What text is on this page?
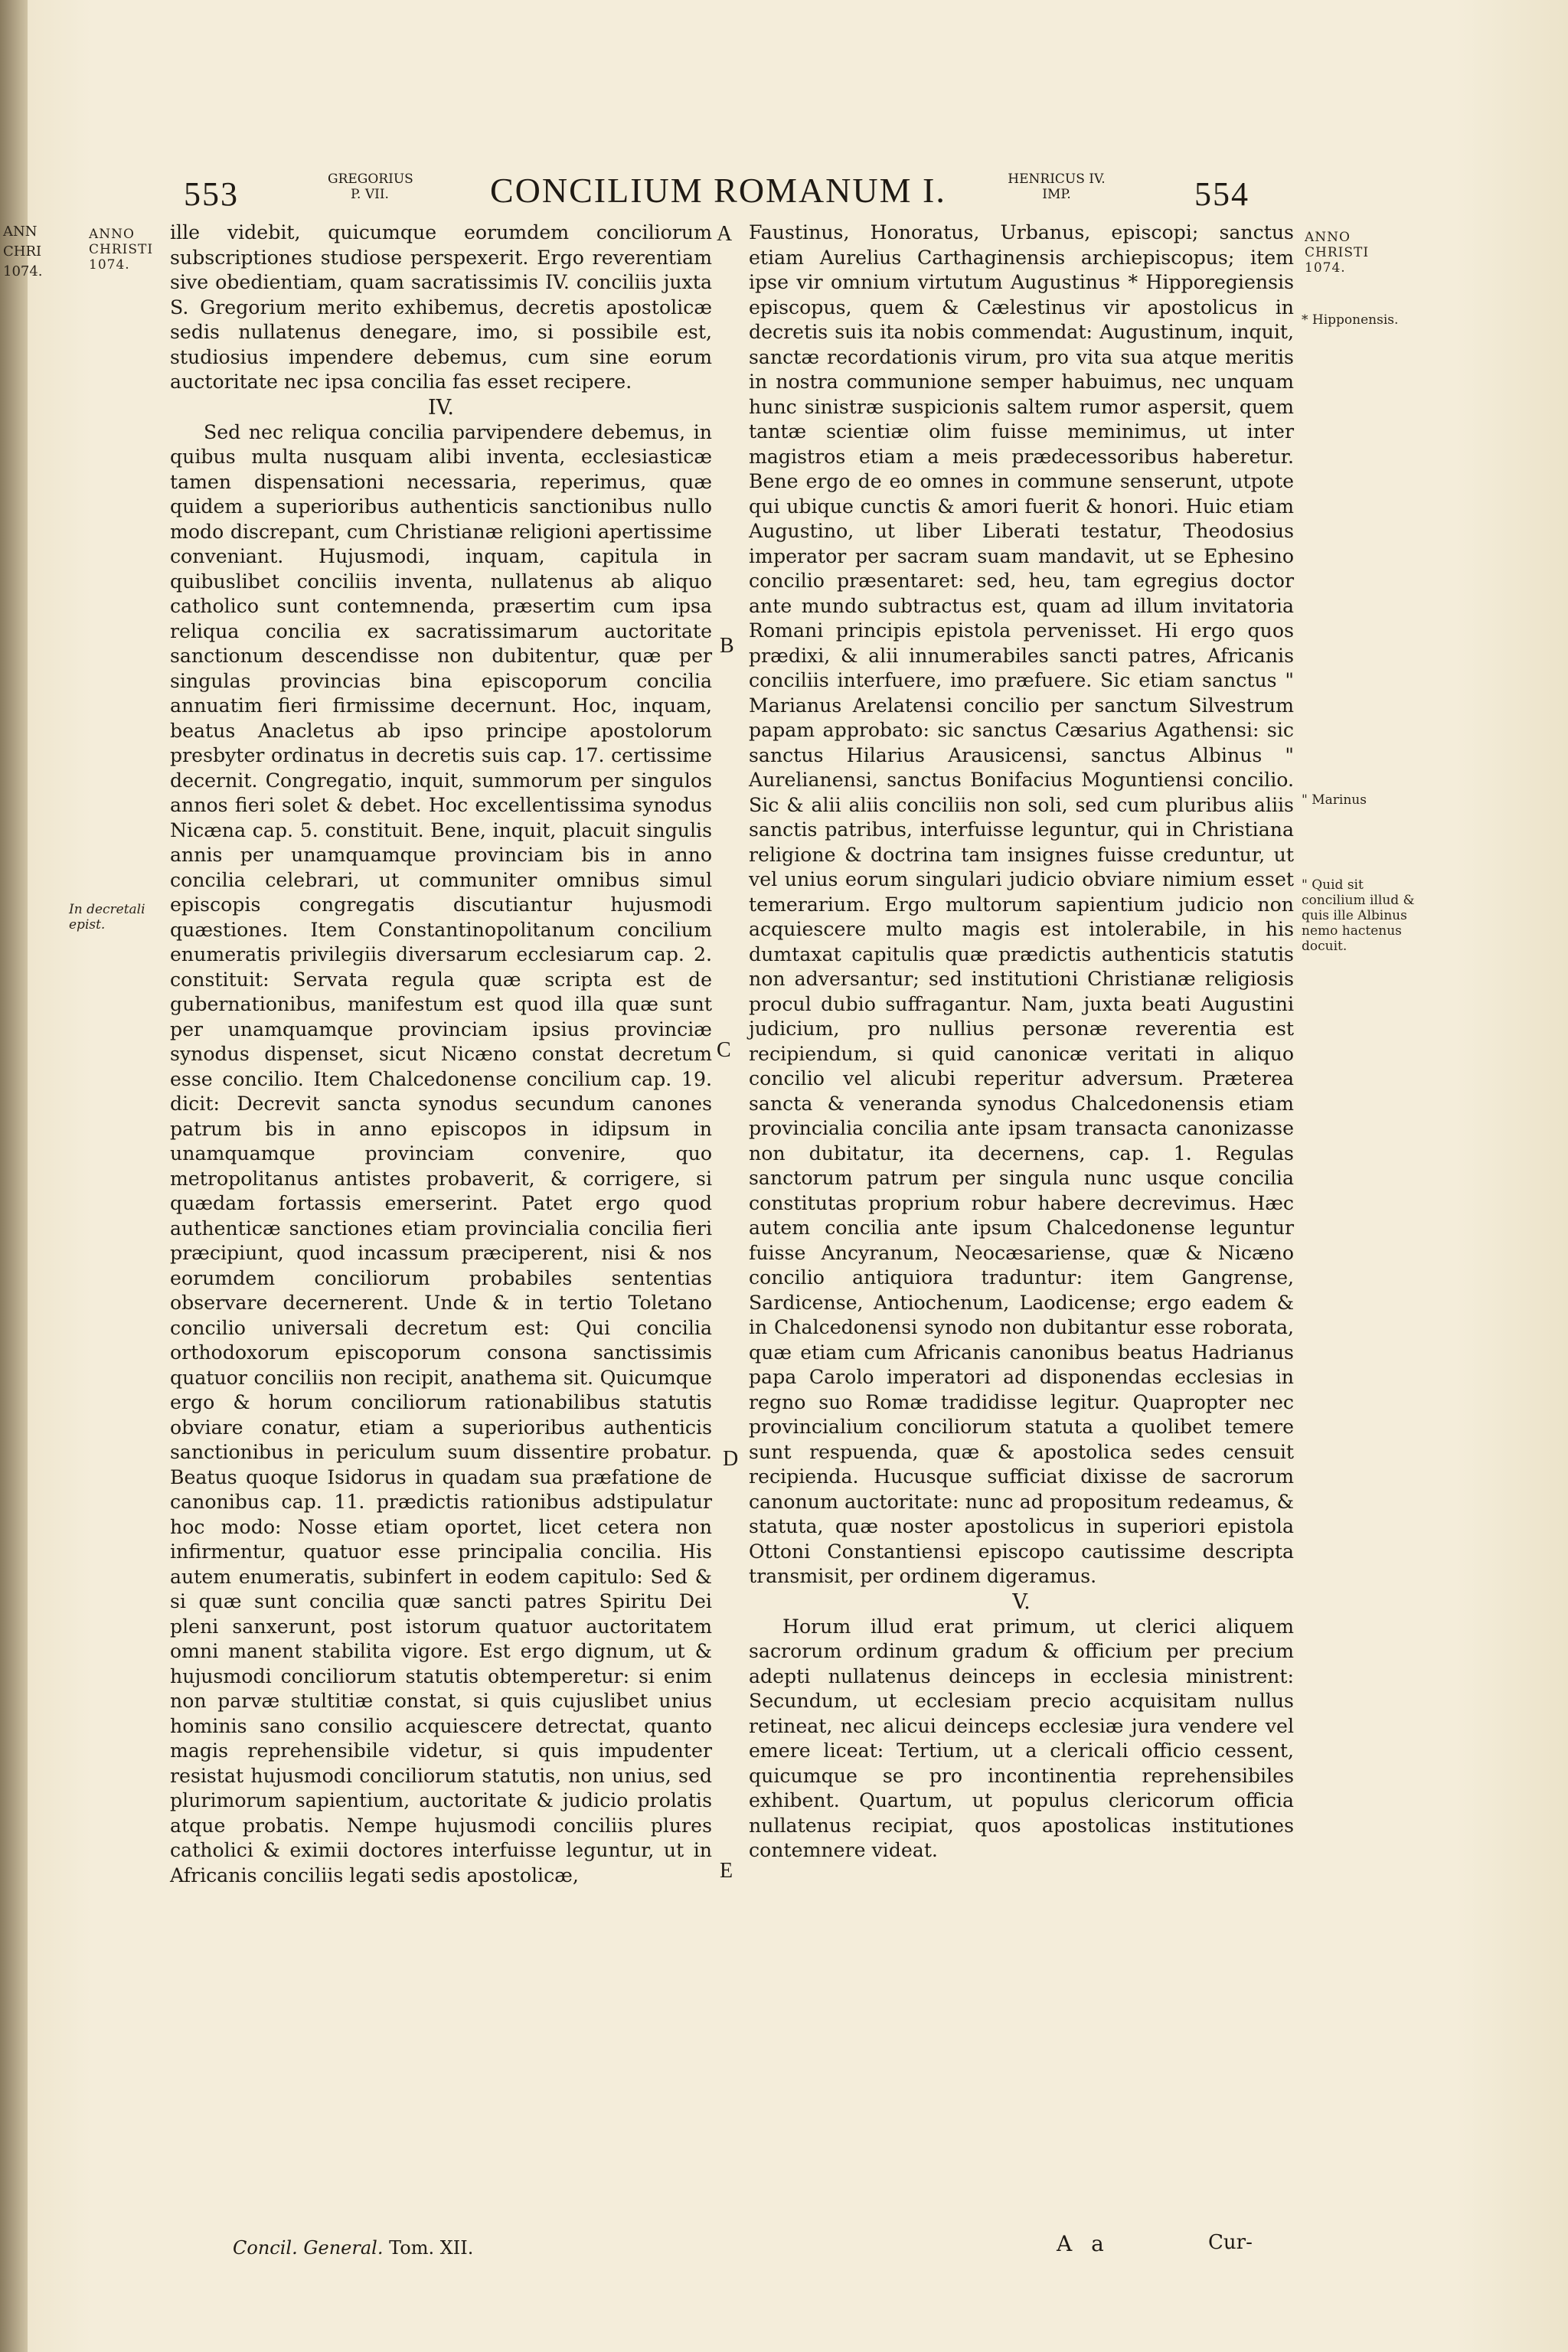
ANN
CHRI
1074.
553	GREGORIUS
P. VII.	CONCILIUM ROMANUM I.	HENRICUS IV.
IMP.	554
ANNO
CHRISTI
1074.
ANNO
CHRISTI
1074.
In decretali epist.
* Hipponensis.
" Marinus
" Quid sit concilium illud & quis ille Albinus nemo hactenus docuit.
A
B
C
D
E

ille videbit, quicumque eorumdem conciliorum subscriptiones studiose perspexerit. Ergo reverentiam sive obedientiam, quam sacratissimis IV. conciliis juxta S. Gregorium merito exhibemus, decretis apostolicæ sedis nullatenus denegare, imo, si possibile est, studiosius impendere debemus, cum sine eorum auctoritate nec ipsa concilia fas esset recipere.

IV.

Sed nec reliqua concilia parvipendere debemus, in quibus multa nusquam alibi inventa, ecclesiasticæ tamen dispensationi necessaria, reperimus, quæ quidem a superioribus authenticis sanctionibus nullo modo discrepant, cum Christianæ religioni apertissime conveniant. Hujusmodi, inquam, capitula in quibuslibet conciliis inventa, nullatenus ab aliquo catholico sunt contemnenda, præsertim cum ipsa reliqua concilia ex sacratissimarum auctoritate sanctionum descendisse non dubitentur, quæ per singulas provincias bina episcoporum concilia annuatim fieri firmissime decernunt. Hoc, inquam, beatus Anacletus ab ipso principe apostolorum presbyter ordinatus in decretis suis cap. 17. certissime decernit. Congregatio, inquit, summorum per singulos annos fieri solet & debet. Hoc excellentissima synodus Nicæna cap. 5. constituit. Bene, inquit, placuit singulis annis per unamquamque provinciam bis in anno concilia celebrari, ut communiter omnibus simul episcopis congregatis discutiantur hujusmodi quæstiones. Item Constantinopolitanum concilium enumeratis privilegiis diversarum ecclesiarum cap. 2. constituit: Servata regula quæ scripta est de gubernationibus, manifestum est quod illa quæ sunt per unamquamque provinciam ipsius provinciæ synodus dispenset, sicut Nicæno constat decretum esse concilio. Item Chalcedonense concilium cap. 19. dicit: Decrevit sancta synodus secundum canones patrum bis in anno episcopos in idipsum in unamquamque provinciam convenire, quo metropolitanus antistes probaverit, & corrigere, si quædam fortassis emerserint. Patet ergo quod authenticæ sanctiones etiam provincialia concilia fieri præcipiunt, quod incassum præciperent, nisi & nos eorumdem conciliorum probabiles sententias observare decernerent. Unde & in tertio Toletano concilio universali decretum est: Qui concilia orthodoxorum episcoporum consona sanctissimis quatuor conciliis non recipit, anathema sit. Quicumque ergo & horum conciliorum rationabilibus statutis obviare conatur, etiam a superioribus authenticis sanctionibus in periculum suum dissentire probatur. Beatus quoque Isidorus in quadam sua præfatione de canonibus cap. 11. prædictis rationibus adstipulatur hoc modo: Nosse etiam oportet, licet cetera non infirmentur, quatuor esse principalia concilia. His autem enumeratis, subinfert in eodem capitulo: Sed & si quæ sunt concilia quæ sancti patres Spiritu Dei pleni sanxerunt, post istorum quatuor auctoritatem omni manent stabilita vigore. Est ergo dignum, ut & hujusmodi conciliorum statutis obtemperetur: si enim non parvæ stultitiæ constat, si quis cujuslibet unius hominis sano consilio acquiescere detrectat, quanto magis reprehensibile videtur, si quis impudenter resistat hujusmodi conciliorum statutis, non unius, sed plurimorum sapientium, auctoritate & judicio prolatis atque probatis. Nempe hujusmodi conciliis plures catholici & eximii doctores interfuisse leguntur, ut in Africanis conciliis legati sedis apostolicæ,

Faustinus, Honoratus, Urbanus, episcopi; sanctus etiam Aurelius Carthaginensis archiepiscopus; item ipse vir omnium virtutum Augustinus * Hipporegiensis episcopus, quem & Cælestinus vir apostolicus in decretis suis ita nobis commendat: Augustinum, inquit, sanctæ recordationis virum, pro vita sua atque meritis in nostra communione semper habuimus, nec unquam hunc sinistræ suspicionis saltem rumor aspersit, quem tantæ scientiæ olim fuisse meminimus, ut inter magistros etiam a meis prædecessoribus haberetur. Bene ergo de eo omnes in commune senserunt, utpote qui ubique cunctis & amori fuerit & honori. Huic etiam Augustino, ut liber Liberati testatur, Theodosius imperator per sacram suam mandavit, ut se Ephesino concilio præsentaret: sed, heu, tam egregius doctor ante mundo subtractus est, quam ad illum invitatoria Romani principis epistola pervenisset. Hi ergo quos prædixi, & alii innumerabiles sancti patres, Africanis conciliis interfuere, imo præfuere. Sic etiam sanctus " Marianus Arelatensi concilio per sanctum Silvestrum papam approbato: sic sanctus Cæsarius Agathensi: sic sanctus Hilarius Arausicensi, sanctus Albinus " Aurelianensi, sanctus Bonifacius Moguntiensi concilio. Sic & alii aliis conciliis non soli, sed cum pluribus aliis sanctis patribus, interfuisse leguntur, qui in Christiana religione & doctrina tam insignes fuisse creduntur, ut vel unius eorum singulari judicio obviare nimium esset temerarium. Ergo multorum sapientium judicio non acquiescere multo magis est intolerabile, in his dumtaxat capitulis quæ prædictis authenticis statutis non adversantur; sed institutioni Christianæ religiosis procul dubio suffragantur. Nam, juxta beati Augustini judicium, pro nullius personæ reverentia est recipiendum, si quid canonicæ veritati in aliquo concilio vel alicubi reperitur adversum. Præterea sancta & veneranda synodus Chalcedonensis etiam provincialia concilia ante ipsam transacta canonizasse non dubitatur, ita decernens, cap. 1. Regulas sanctorum patrum per singula nunc usque concilia constitutas proprium robur habere decrevimus. Hæc autem concilia ante ipsum Chalcedonense leguntur fuisse Ancyranum, Neocæsariense, quæ & Nicæno concilio antiquiora traduntur: item Gangrense, Sardicense, Antiochenum, Laodicense; ergo eadem & in Chalcedonensi synodo non dubitantur esse roborata, quæ etiam cum Africanis canonibus beatus Hadrianus papa Carolo imperatori ad disponendas ecclesias in regno suo Romæ tradidisse legitur. Quapropter nec provincialium conciliorum statuta a quolibet temere sunt respuenda, quæ & apostolica sedes censuit recipienda. Hucusque sufficiat dixisse de sacrorum canonum auctoritate: nunc ad propositum redeamus, & statuta, quæ noster apostolicus in superiori epistola Ottoni Constantiensi episcopo cautissime descripta transmisit, per ordinem digeramus.

V.

Horum illud erat primum, ut clerici aliquem sacrorum ordinum gradum & officium per precium adepti nullatenus deinceps in ecclesia ministrent: Secundum, ut ecclesiam precio acquisitam nullus retineat, nec alicui deinceps ecclesiæ jura vendere vel emere liceat: Tertium, ut a clericali officio cessent, quicumque se pro incontinentia reprehensibiles exhibent. Quartum, ut populus clericorum officia nullatenus recipiat, quos apostolicas institutiones contemnere videat.

Concil. General. Tom. XII.	A a	Cur-
